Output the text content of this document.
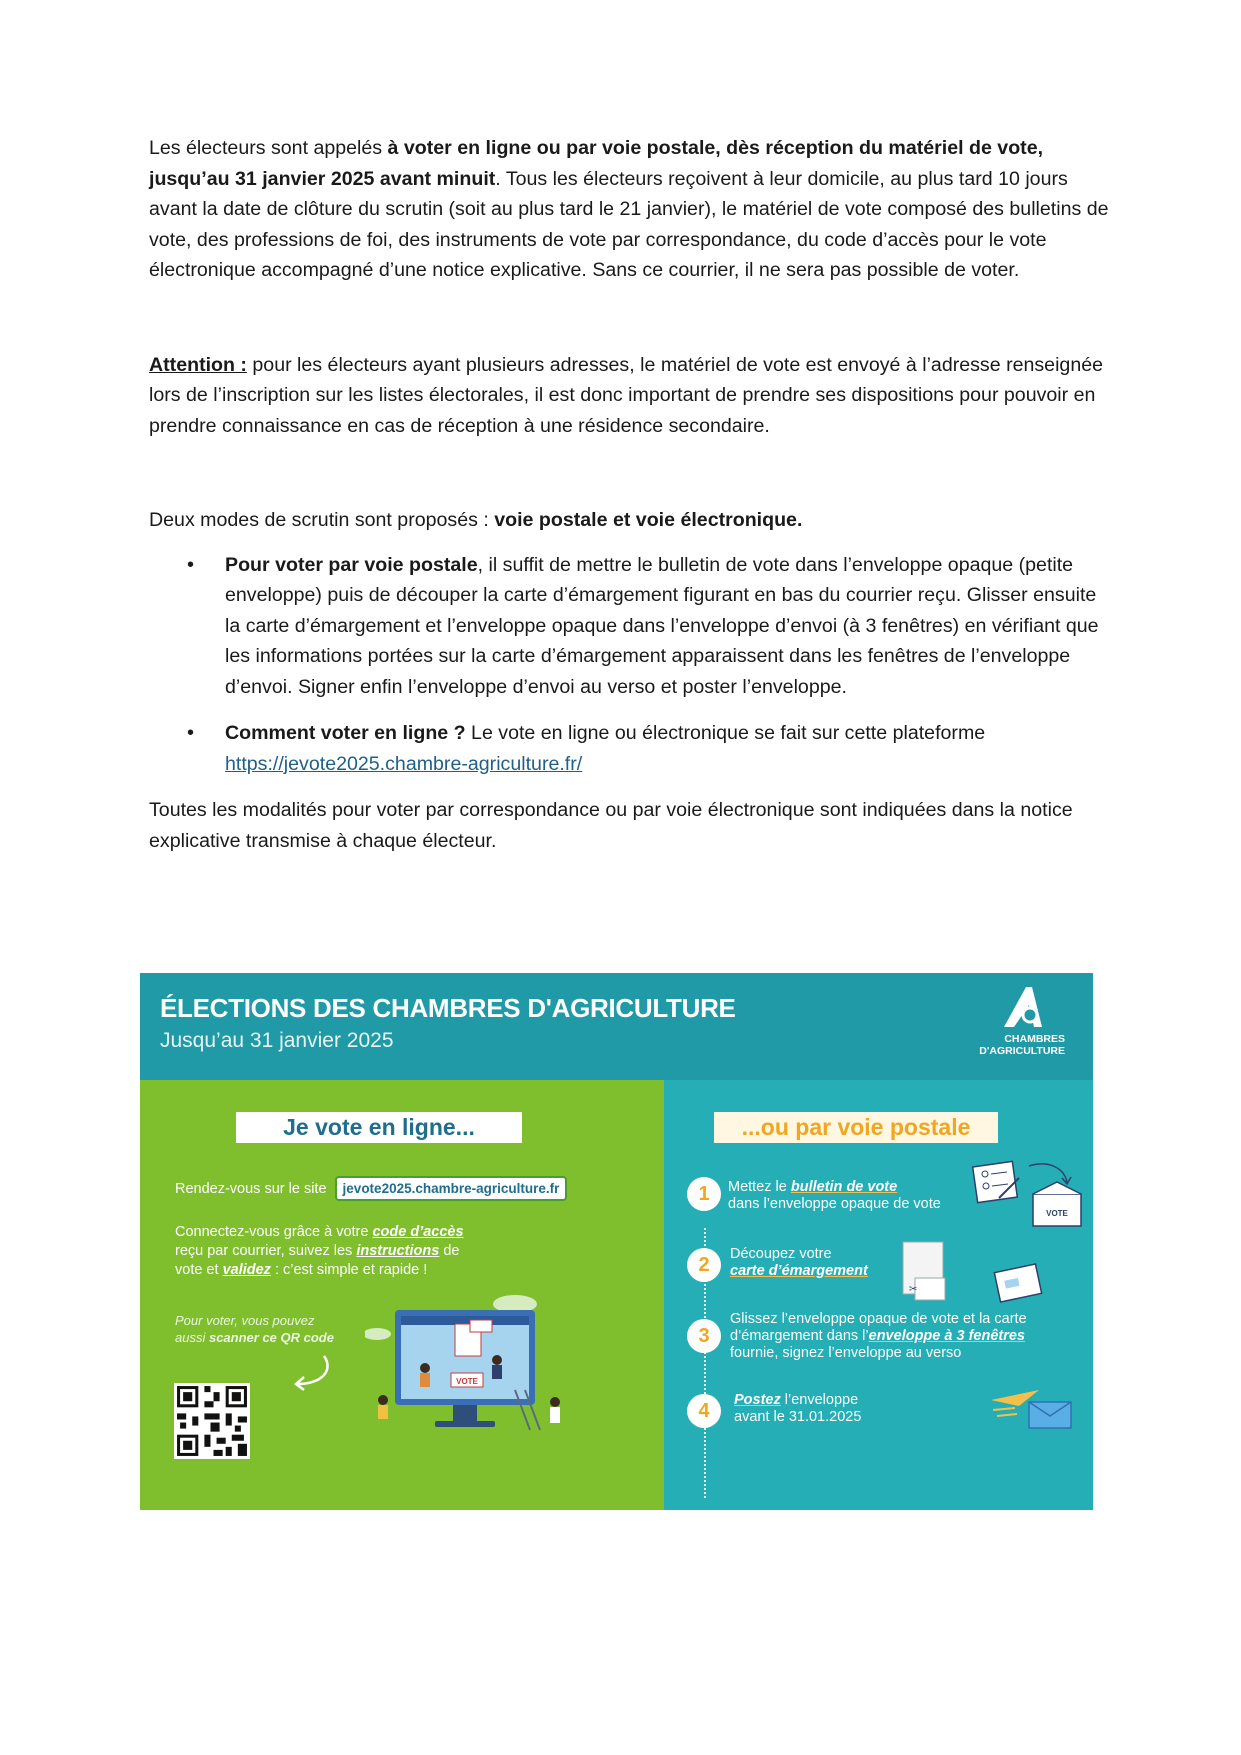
Les électeurs sont appelés à voter en ligne ou par voie postale, dès réception du matériel de vote, jusqu’au 31 janvier 2025 avant minuit. Tous les électeurs reçoivent à leur domicile, au plus tard 10 jours avant la date de clôture du scrutin (soit au plus tard le 21 janvier), le matériel de vote composé des bulletins de vote, des professions de foi, des instruments de vote par correspondance, du code d’accès pour le vote électronique accompagné d’une notice explicative. Sans ce courrier, il ne sera pas possible de voter.

Attention : pour les électeurs ayant plusieurs adresses, le matériel de vote est envoyé à l’adresse renseignée lors de l’inscription sur les listes électorales, il est donc important de prendre ses dispositions pour pouvoir en prendre connaissance en cas de réception à une résidence secondaire.

Deux modes de scrutin sont proposés : voie postale et voie électronique.

• Pour voter par voie postale, il suffit de mettre le bulletin de vote dans l’enveloppe opaque (petite enveloppe) puis de découper la carte d’émargement figurant en bas du courrier reçu. Glisser ensuite la carte d’émargement et l’enveloppe opaque dans l’enveloppe d’envoi (à 3 fenêtres) en vérifiant que les informations portées sur la carte d’émargement apparaissent dans les fenêtres de l’enveloppe d’envoi. Signer enfin l’enveloppe d’envoi au verso et poster l’enveloppe.
• Comment voter en ligne ? Le vote en ligne ou électronique se fait sur cette plateforme https://jevote2025.chambre-agriculture.fr/

Toutes les modalités pour voter par correspondance ou par voie électronique sont indiquées dans la notice explicative transmise à chaque électeur.

ÉLECTIONS DES CHAMBRES D'AGRICULTURE
Jusqu’au 31 janvier 2025	CHAMBRES
D'AGRICULTURE
Je vote en ligne...
Rendez-vous sur le site jevote2025.chambre-agriculture.fr
Connectez-vous grâce à votre code d’accès
reçu par courrier, suivez les instructions de
vote et validez : c’est simple et rapide !
Pour voter, vous pouvez
aussi scanner ce QR code
VOTE
...ou par voie postale
1	Mettez le bulletin de vote
dans l’enveloppe opaque de vote
2	Découpez votre
carte d’émargement
3
Glissez l’enveloppe opaque de vote et la carte d’émargement dans l’enveloppe à 3 fenêtres fournie, signez l’enveloppe au verso
4	Postez l’enveloppe
avant le 31.01.2025
VOTE
✂
